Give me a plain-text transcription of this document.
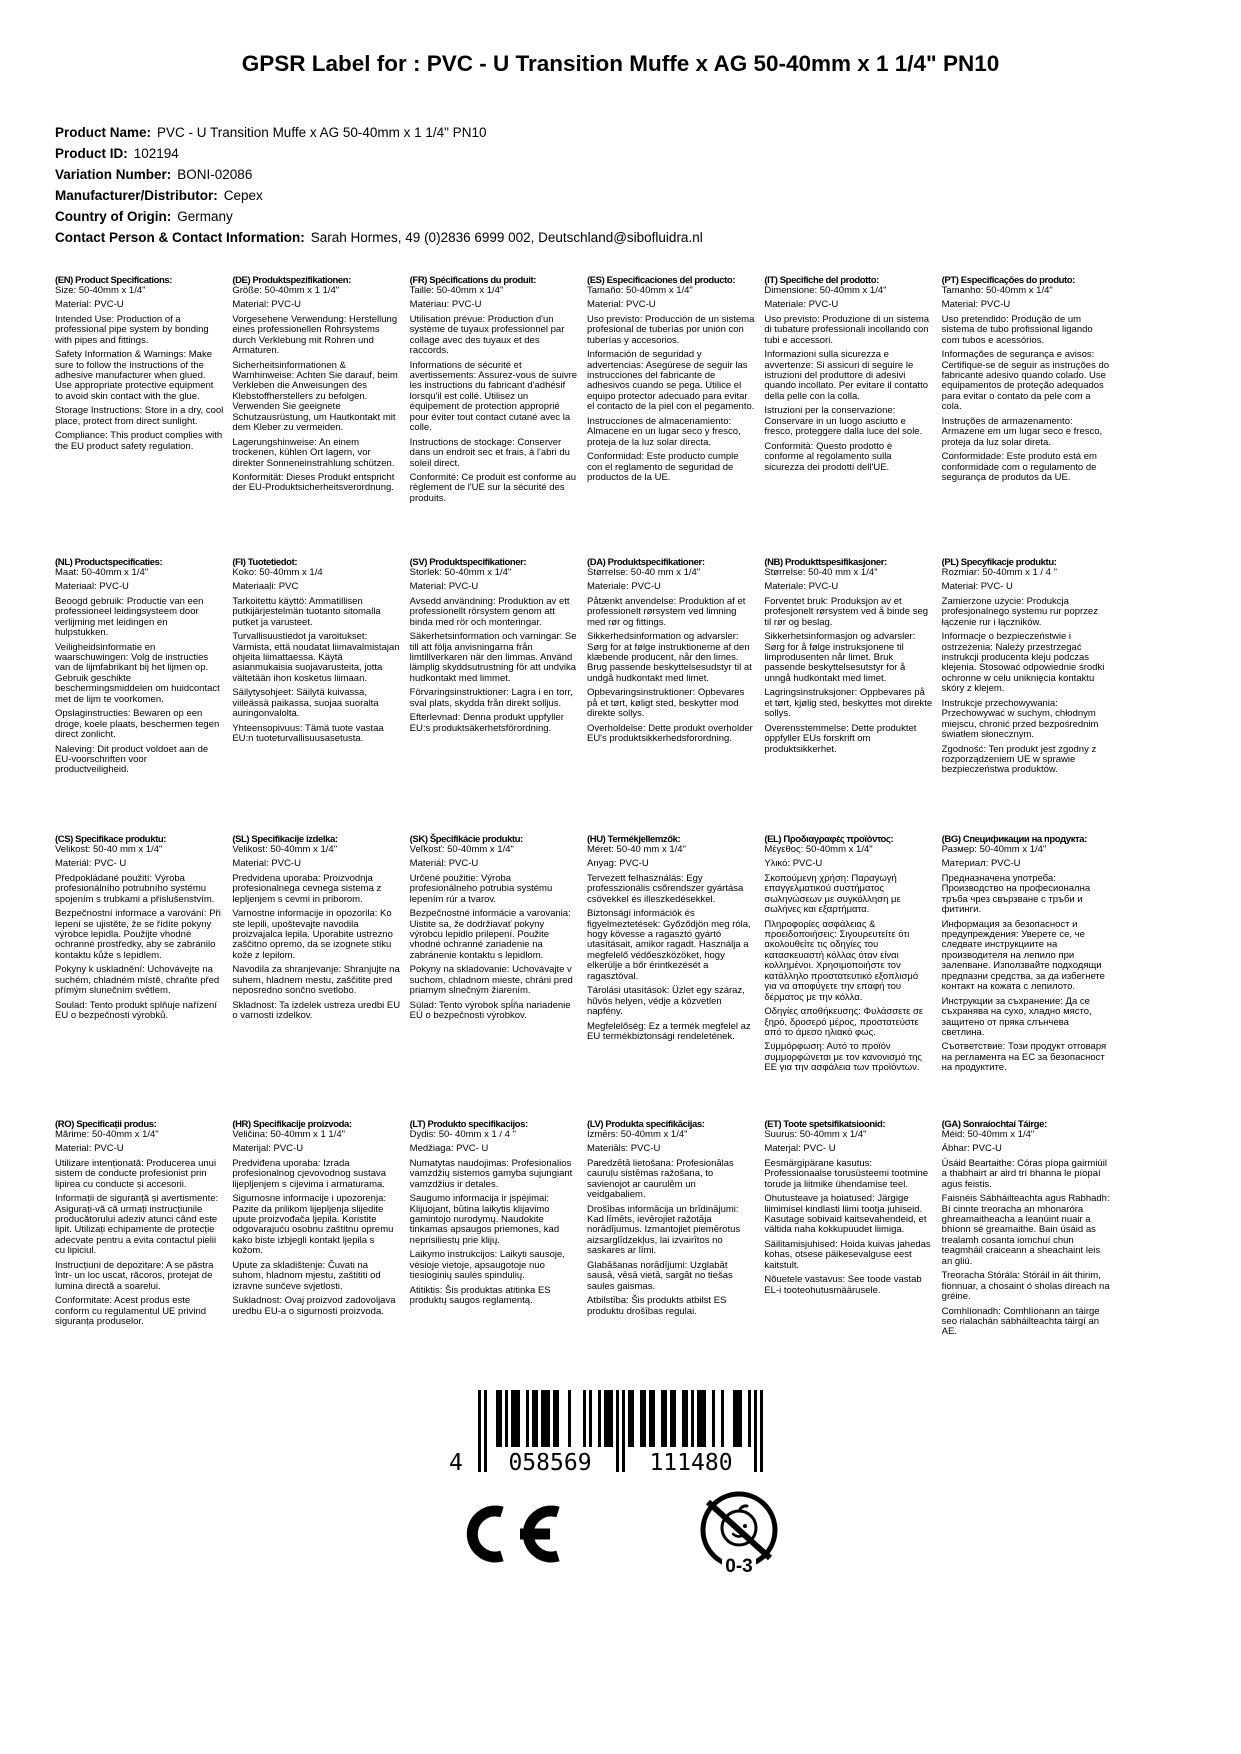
GPSR Label for : PVC - U Transition Muffe x AG 50-40mm x 1 1/4" PN10
Product Name: PVC - U Transition Muffe x AG 50-40mm x 1 1/4" PN10
Product ID: 102194
Variation Number: BONI-02086
Manufacturer/Distributor: Cepex
Country of Origin: Germany
Contact Person & Contact Information: Sarah Hormes, 49 (0)2836 6999 002, Deutschland@sibofluidra.nl
(EN) Product Specifications:

Size: 50-40mm x 1/4"

Material: PVC-U

Intended Use: Production of a professional pipe system by bonding with pipes and fittings.

Safety Information & Warnings: Make sure to follow the instructions of the adhesive manufacturer when glued. Use appropriate protective equipment to avoid skin contact with the glue.

Storage Instructions: Store in a dry, cool place, protect from direct sunlight.

Compliance: This product complies with the EU product safety regulation.

(DE) Produktspezifikationen:

Größe: 50-40mm x 1 1/4"

Material: PVC-U

Vorgesehene Verwendung: Herstellung eines professionellen Rohrsystems durch Verklebung mit Rohren und Armaturen.

Sicherheitsinformationen & Warnhinweise: Achten Sie darauf, beim Verkleben die Anweisungen des Klebstoffherstellers zu befolgen. Verwenden Sie geeignete Schutzausrüstung, um Hautkontakt mit dem Kleber zu vermeiden.

Lagerungshinweise: An einem trockenen, kühlen Ort lagern, vor direkter Sonneneinstrahlung schützen.

Konformität: Dieses Produkt entspricht der EU-Produktsicherheitsverordnung.

(FR) Spécifications du produit:

Taille: 50-40mm x 1/4"

Matériau: PVC-U

Utilisation prévue: Production d'un système de tuyaux professionnel par collage avec des tuyaux et des raccords.

Informations de sécurité et avertissements: Assurez-vous de suivre les instructions du fabricant d'adhésif lorsqu'il est collé. Utilisez un équipement de protection approprié pour éviter tout contact cutané avec la colle.

Instructions de stockage: Conserver dans un endroit sec et frais, à l'abri du soleil direct.

Conformité: Ce produit est conforme au règlement de l'UE sur la sécurité des produits.

(ES) Especificaciones del producto:

Tamaño: 50-40mm x 1/4"

Material: PVC-U

Uso previsto: Producción de un sistema profesional de tuberías por unión con tuberías y accesorios.

Información de seguridad y advertencias: Asegúrese de seguir las instrucciones del fabricante de adhesivos cuando se pega. Utilice el equipo protector adecuado para evitar el contacto de la piel con el pegamento.

Instrucciones de almacenamiento: Almacene en un lugar seco y fresco, proteja de la luz solar directa.

Conformidad: Este producto cumple con el reglamento de seguridad de productos de la UE.

(IT) Specifiche del prodotto:

Dimensione: 50-40mm x 1/4"

Materiale: PVC-U

Uso previsto: Produzione di un sistema di tubature professionali incollando con tubi e accessori.

Informazioni sulla sicurezza e avvertenze: Si assicuri di seguire le istruzioni del produttore di adesivi quando incollato. Per evitare il contatto della pelle con la colla.

Istruzioni per la conservazione: Conservare in un luogo asciutto e fresco, proteggere dalla luce del sole.

Conformità: Questo prodotto è conforme al regolamento sulla sicurezza dei prodotti dell'UE.

(PT) Especificações do produto:

Tamanho: 50-40mm x 1/4"

Material: PVC-U

Uso pretendido: Produção de um sistema de tubo profissional ligando com tubos e acessórios.

Informações de segurança e avisos: Certifique-se de seguir as instruções do fabricante adesivo quando colado. Use equipamentos de proteção adequados para evitar o contato da pele com a cola.

Instruções de armazenamento: Armazene em um lugar seco e fresco, proteja da luz solar direta.

Conformidade: Este produto está em conformidade com o regulamento de segurança de produtos da UE.

(NL) Productspecificaties:

Maat: 50-40mm x 1/4"

Materiaal: PVC-U

Beoogd gebruik: Productie van een professioneel leidingsysteem door verlijming met leidingen en hulpstukken.

Veiligheidsinformatie en waarschuwingen: Volg de instructies van de lijmfabrikant bij het lijmen op. Gebruik geschikte beschermingsmiddelen om huidcontact met de lijm te voorkomen.

Opslaginstructies: Bewaren op een droge, koele plaats, beschermen tegen direct zonlicht.

Naleving: Dit product voldoet aan de EU-voorschriften voor productveiligheid.

(FI) Tuotetiedot:

Koko: 50-40mm x 1/4

Materiaali: PVC

Tarkoitettu käyttö: Ammatillisen putkijärjestelmän tuotanto sitomalla putket ja varusteet.

Turvallisuustiedot ja varoitukset: Varmista, että noudatat liimavalmistajan ohjeita liimattaessa. Käytä asianmukaisia suojavarusteita, jotta vältetään ihon kosketus liimaan.

Säilytysohjeet: Säilytä kuivassa, viileässä paikassa, suojaa suoralta auringonvalolta.

Yhteensopivuus: Tämä tuote vastaa EU:n tuoteturvallisuusasetusta.

(SV) Produktspecifikationer:

Storlek: 50-40mm x 1/4"

Material: PVC-U

Avsedd användning: Produktion av ett professionellt rörsystem genom att binda med rör och monteringar.

Säkerhetsinformation och varningar: Se till att följa anvisningarna från limtillverkaren när den limmas. Använd lämplig skyddsutrustning för att undvika hudkontakt med limmet.

Förvaringsinstruktioner: Lagra i en torr, sval plats, skydda från direkt solljus.

Efterlevnad: Denna produkt uppfyller EU:s produktsäkerhetsförordning.

(DA) Produktspecifikationer:

Størrelse: 50-40 mm x 1/4"

Materiale: PVC-U

Påtænkt anvendelse: Produktion af et professionelt rørsystem ved limning med rør og fittings.

Sikkerhedsinformation og advarsler: Sørg for at følge instruktionerne af den klæbende producent, når den limes. Brug passende beskyttelsesudstyr til at undgå hudkontakt med limet.

Opbevaringsinstruktioner: Opbevares på et tørt, køligt sted, beskytter mod direkte sollys.

Overholdelse: Dette produkt overholder EU's produktsikkerhedsforordning.

(NB) Produkttspesifikasjoner:

Størrelse: 50-40 mm x 1/4"

Materiale: PVC-U

Forventet bruk: Produksjon av et profesjonelt rørsystem ved å binde seg til rør og beslag.

Sikkerhetsinformasjon og advarsler: Sørg for å følge instruksjonene til limprodusenten når limet. Bruk passende beskyttelsesutstyr for å unngå hudkontakt med limet.

Lagringsinstruksjoner: Oppbevares på et tørt, kjølig sted, beskyttes mot direkte sollys.

Overensstemmelse: Dette produktet oppfyller EUs forskrift om produktsikkerhet.

(PL) Specyfikacje produktu:

Rozmiar: 50-40mm x 1 / 4 "

Materiał: PVC- U

Zamierzone użycie: Produkcja profesjonalnego systemu rur poprzez łączenie rur i łączników.

Informacje o bezpieczeństwie i ostrzeżenia: Należy przestrzegać instrukcji producenta kleju podczas klejenia. Stosować odpowiednie środki ochronne w celu uniknięcia kontaktu skóry z klejem.

Instrukcje przechowywania: Przechowywać w suchym, chłodnym miejscu, chronić przed bezpośrednim światłem słonecznym.

Zgodność: Ten produkt jest zgodny z rozporządzeniem UE w sprawie bezpieczeństwa produktów.

(CS) Specifikace produktu:

Velikost: 50-40 mm x 1/4"

Materiál: PVC- U

Předpokládané použití: Výroba profesionálního potrubního systému spojením s trubkami a příslušenstvím.

Bezpečnostní informace a varování: Při lepení se ujistěte, že se řídíte pokyny výrobce lepidla. Použijte vhodné ochranné prostředky, aby se zabránilo kontaktu kůže s lepidlem.

Pokyny k uskladnění: Uchovávejte na suchém, chladném místě, chraňte před přímým slunečním světlem.

Soulad: Tento produkt splňuje nařízení EU o bezpečnosti výrobků.

(SL) Specifikacije izdelka:

Velikost: 50-40mm x 1/4"

Material: PVC-U

Predvidena uporaba: Proizvodnja profesionalnega cevnega sistema z lepljenjem s cevmi in priborom.

Varnostne informacije in opozorila: Ko ste lepili, upoštevajte navodila proizvajalca lepila. Uporabite ustrezno zaščitno opremo, da se izognete stiku kože z lepilom.

Navodila za shranjevanje: Shranjujte na suhem, hladnem mestu, zaščitite pred neposredno sončno svetlobo.

Skladnost: Ta izdelek ustreza uredbi EU o varnosti izdelkov.

(SK) Špecifikácie produktu:

Veľkosť: 50-40mm x 1/4"

Materiál: PVC-U

Určené použitie: Výroba profesionálneho potrubia systému lepením rúr a tvarov.

Bezpečnostné informácie a varovania: Uistite sa, že dodržiavať pokyny výrobcu lepidlo prilepení. Použite vhodné ochranné zariadenie na zabránenie kontaktu s lepidlom.

Pokyny na skladovanie: Uchovávajte v suchom, chladnom mieste, chráni pred priamym slnečným žiarením.

Súlad: Tento výrobok spĺňa nariadenie EÚ o bezpečnosti výrobkov.

(HU) Termékjellemzők:

Méret: 50-40 mm x 1/4"

Anyag: PVC-U

Tervezett felhasználás: Egy professzionális csőrendszer gyártása csövekkel és illeszkedésekkel.

Biztonsági információk és figyelmeztetések: Győződjön meg róla, hogy kövesse a ragasztó gyártó utasításait, amikor ragadt. Használja a megfelelő védőeszközöket, hogy elkerülje a bőr érintkezését a ragasztóval.

Tárolási utasítások: Üzlet egy száraz, hűvös helyen, védje a közvetlen napfény.

Megfelelőség: Ez a termék megfelel az EU termékbiztonsági rendeletének.

(EL) Προδιαγραφές προϊόντος:

Μέγεθος: 50-40mm x 1/4"

Υλικό: PVC-U

Σκοπούμενη χρήση: Παραγωγή επαγγελματικού συστήματος σωληνώσεων με συγκόλληση με σωλήνες και εξαρτήματα.

Πληροφορίες ασφάλειας & προειδοποιήσεις: Σιγουρευτείτε ότι ακολουθείτε τις οδηγίες του κατασκευαστή κόλλας όταν είναι κολλημένοι. Χρησιμοποιήστε τον κατάλληλο προστατευτικό εξοπλισμό για να αποφύγετε την επαφή του δέρματος με την κόλλα.

Οδηγίες αποθήκευσης: Φυλάσσετε σε ξηρό, δροσερό μέρος, προστατεύστε από το άμεσο ηλιακό φως.

Συμμόρφωση: Αυτό το προϊόν συμμορφώνεται με τον κανονισμό της ΕΕ για την ασφάλεια των προϊόντων.

(BG) Спецификации на продукта:

Размер: 50-40mm x 1/4"

Материал: PVC-U

Предназначена употреба: Производство на професионална тръба чрез свързване с тръби и фитинги.

Информация за безопасност и предупреждения: Уверете се, че следвате инструкциите на производителя на лепило при залепване. Използвайте подходящи предпазни средства, за да избегнете контакт на кожата с лепилото.

Инструкции за съхранение: Да се съхранява на сухо, хладно място, защитено от пряка слънчева светлина.

Съответствие: Този продукт отговаря на регламента на ЕС за безопасност на продуктите.

(RO) Specificații produs:

Mărime: 50-40mm x 1/4"

Material: PVC-U

Utilizare intenționată: Producerea unui sistem de conducte profesionist prin lipirea cu conducte și accesorii.

Informații de siguranță și avertismente: Asigurați-vă că urmați instrucțiunile producătorului adeziv atunci când este lipit. Utilizați echipamente de protecție adecvate pentru a evita contactul pielii cu lipiciul.

Instrucțiuni de depozitare: A se păstra într- un loc uscat, răcoros, protejat de lumina directă a soarelui.

Conformitate: Acest produs este conform cu regulamentul UE privind siguranța produselor.

(HR) Specifikacije proizvoda:

Veličina: 50-40mm x 1 1/4"

Materijal: PVC-U

Predviđena uporaba: Izrada profesionalnog cjevovodnog sustava lijepljenjem s cijevima i armaturama.

Sigurnosne informacije i upozorenja: Pazite da prilikom lijepljenja slijedite upute proizvođača ljepila. Koristite odgovarajuću osobnu zaštitnu opremu kako biste izbjegli kontakt ljepila s kožom.

Upute za skladištenje: Čuvati na suhom, hladnom mjestu, zaštititi od izravne sunčeve svjetlosti.

Sukladnost: Ovaj proizvod zadovoljava uredbu EU-a o sigurnosti proizvoda.

(LT) Produkto specifikacijos:

Dydis: 50- 40mm x 1 / 4 "

Medžiaga: PVC- U

Numatytas naudojimas: Profesionalios vamzdžių sistemos gamyba sujungiant vamzdžius ir detales.

Saugumo informacija ir įspėjimai: Klijuojant, būtina laikytis klijavimo gamintojo nurodymų. Naudokite tinkamas apsaugos priemones, kad neprisiliestų prie klijų.

Laikymo instrukcijos: Laikyti sausoje, vėsioje vietoje, apsaugotoje nuo tiesioginių saulės spindulių.

Atitiktis: Šis produktas atitinka ES produktų saugos reglamentą.

(LV) Produkta specifikācijas:

Izmērs: 50-40mm x 1/4"

Materiāls: PVC-U

Paredzētā lietošana: Profesionālas cauruļu sistēmas ražošana, to savienojot ar caurulēm un veidgabaliem.

Drošības informācija un brīdinājumi: Kad līmēts, ievērojiet ražotāja norādījumus. Izmantojiet piemērotus aizsarglīdzekļus, lai izvairītos no saskares ar līmi.

Glabāšanas norādījumi: Uzglabāt sausā, vēsā vietā, sargāt no tiešas saules gaismas.

Atbilstība: Šis produkts atbilst ES produktu drošības regulai.

(ET) Toote spetsifikatsioonid:

Suurus: 50-40mm x 1/4"

Materjal: PVC- U

Eesmärgipärane kasutus: Professionaalse torusüsteemi tootmine torude ja liitmike ühendamise teel.

Ohutusteave ja hoiatused: Järgige liimimisel kindlasti liimi tootja juhiseid. Kasutage sobivaid kaitsevahendeid, et vältida naha kokkupuudet liimiga.

Säilitamisjuhised: Hoida kuivas jahedas kohas, otsese päikesevalguse eest kaitstult.

Nõuetele vastavus: See toode vastab EL-i tooteohutusmäärusele.

(GA) Sonraíochtaí Táirge:

Méid: 50-40mm x 1/4"

Ábhar: PVC-U

Úsáid Beartaithe: Córas píopa gairmiúil a thabhairt ar aird trí bhanna le píopaí agus feistis.

Faisnéis Sábháilteachta agus Rabhadh: Bí cinnte treoracha an mhonaróra ghreamaitheacha a leanúint nuair a bhíonn sé greamaithe. Bain úsáid as trealamh cosanta iomchuí chun teagmháil craiceann a sheachaint leis an gliú.

Treoracha Stórála: Stóráil in áit thirim, fionnuar, a chosaint ó sholas díreach na gréine.

Comhlíonadh: Comhlíonann an táirge seo rialachán sábháilteachta táirgí an AE.

4 058569	111480
0-3
